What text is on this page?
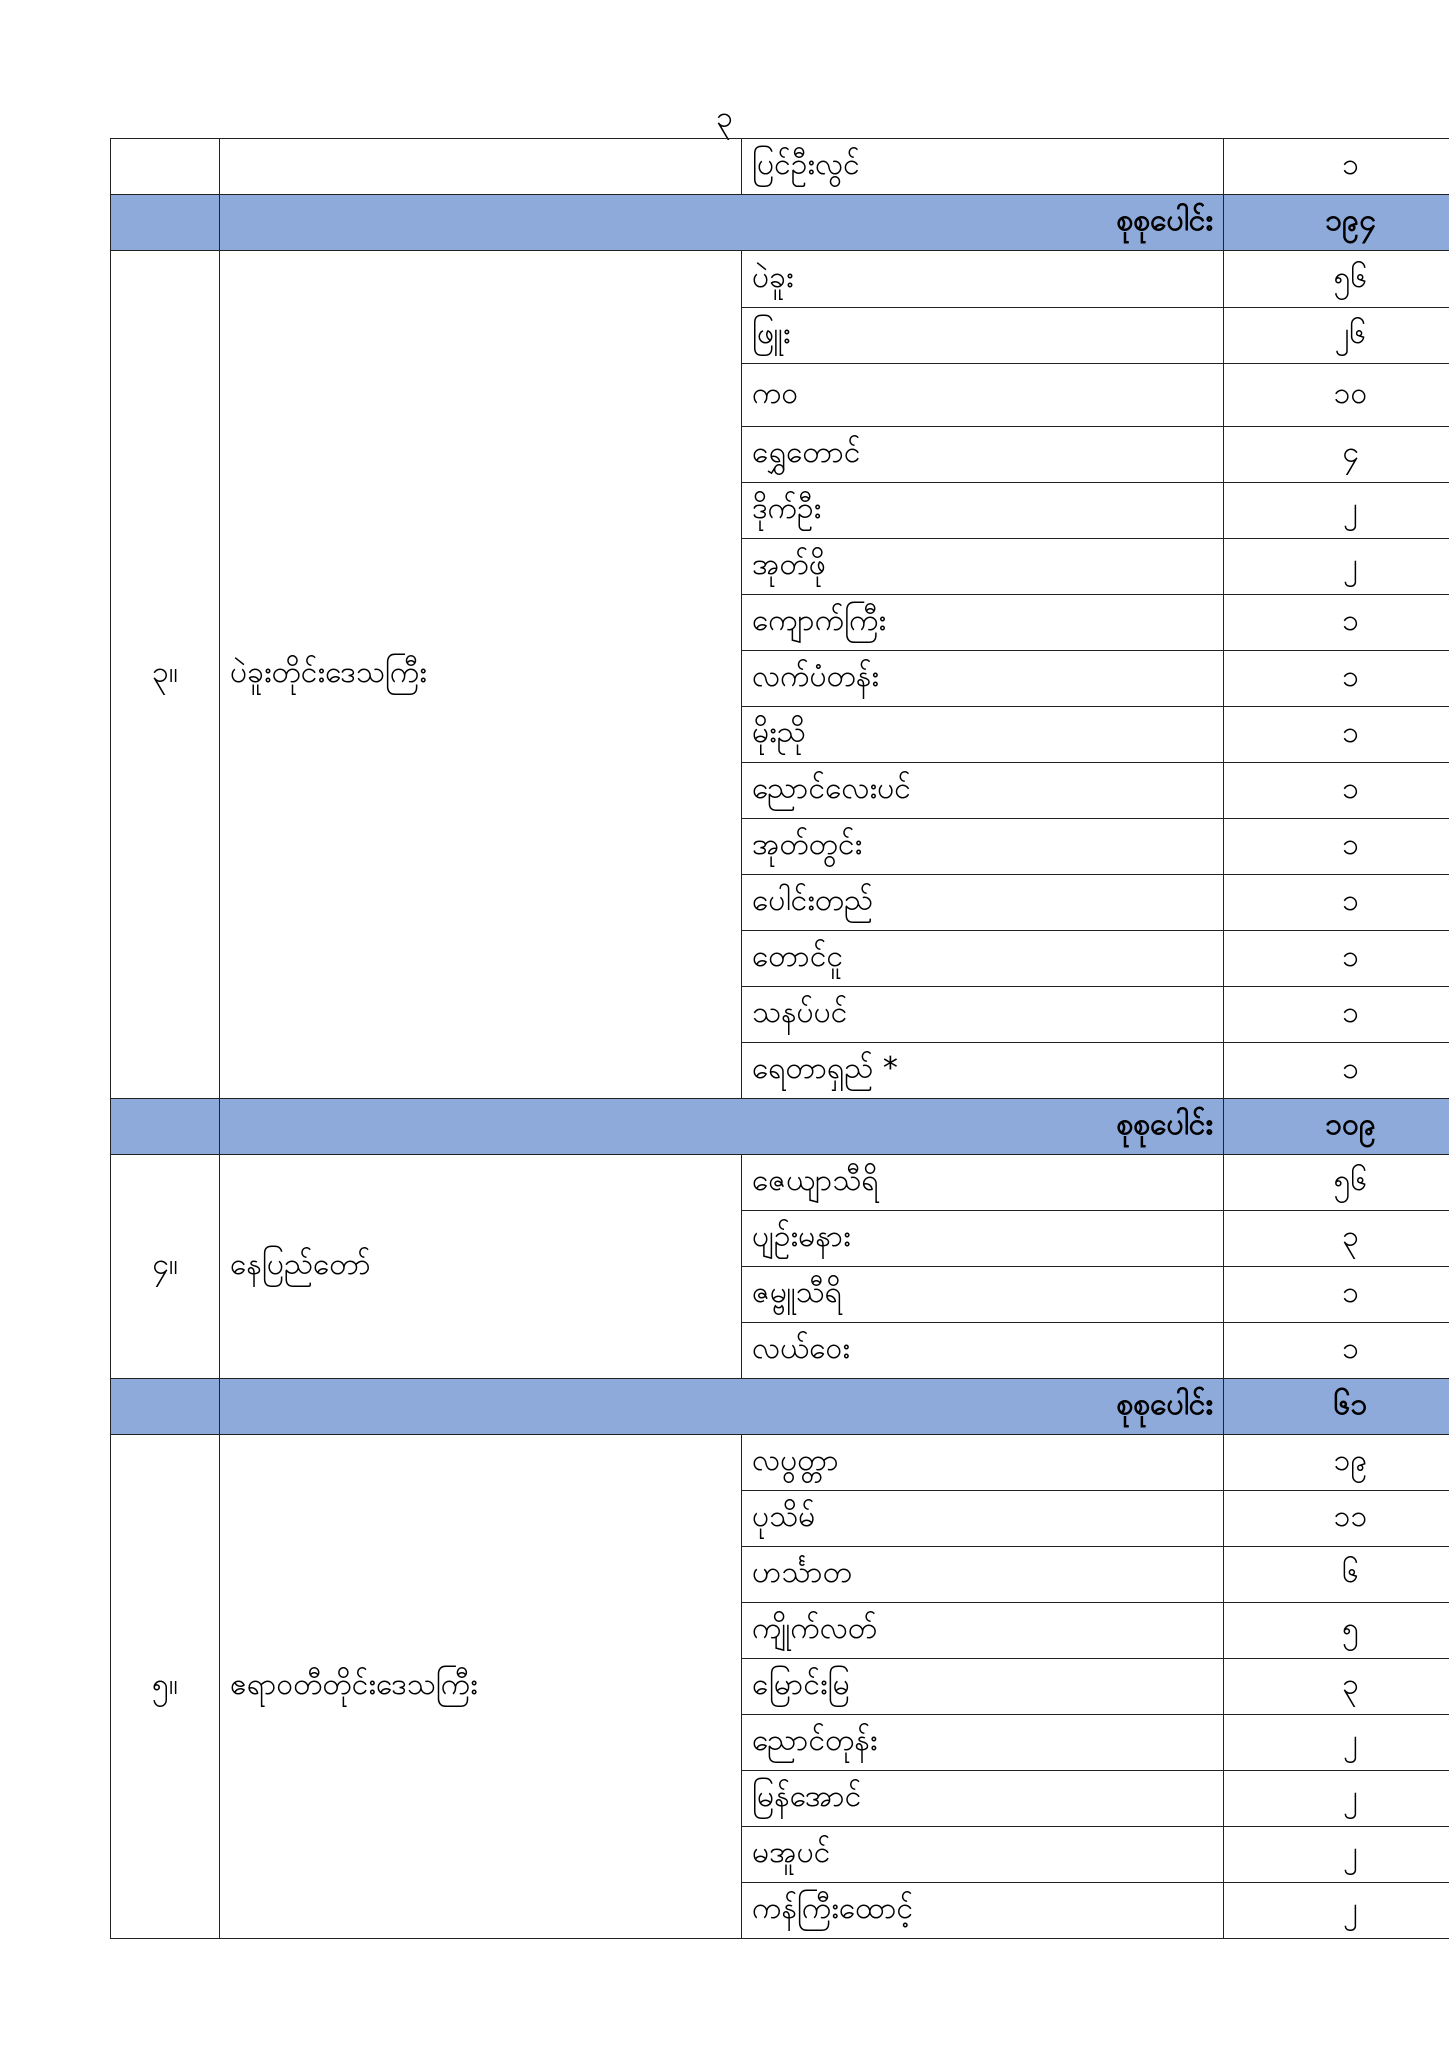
၃
		ပြင်ဦးလွင်	၁
	စုစုပေါင်း		၁၉၄
၃။	ပဲခူးတိုင်းဒေသကြီး	ပဲခူး	၅၆
		ဖြူး	၂၆
		ကဝ	၁၀
		ရွှေတောင်	၄
		ဒိုက်ဦး	၂
		အုတ်ဖို	၂
		ကျောက်ကြီး	၁
		လက်ပံတန်း	၁
		မိုးညို	၁
		ညောင်လေးပင်	၁
		အုတ်တွင်း	၁
		ပေါင်းတည်	၁
		တောင်ငူ	၁
		သနပ်ပင်	၁
		ရေတာရှည် *	၁
	စုစုပေါင်း		၁၀၉
၄။	နေပြည်တော်	ဇေယျာသီရိ	၅၆
		ပျဉ်းမနား	၃
		ဇမ္ဗူသီရိ	၁
		လယ်ဝေး	၁
	စုစုပေါင်း		၆၁
၅။	ဧရာဝတီတိုင်းဒေသကြီး	လပွတ္တာ	၁၉
		ပုသိမ်	၁၁
		ဟင်္သာတ	၆
		ကျိုက်လတ်	၅
		မြောင်းမြ	၃
		ညောင်တုန်း	၂
		မြန်အောင်	၂
		မအူပင်	၂
		ကန်ကြီးထောင့်	၂
